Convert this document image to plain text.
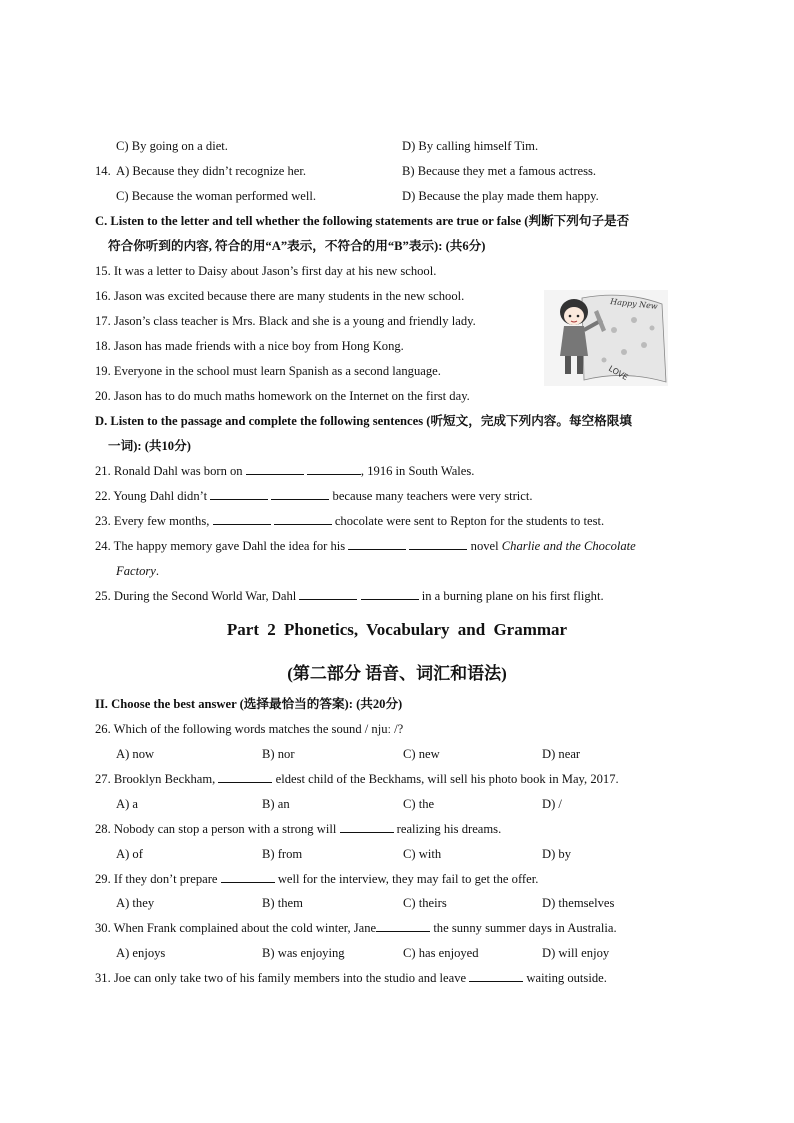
C) By going on a diet.	D) By calling himself Tim.
14. A) Because they didn’t recognize her.	B) Because they met a famous actress.
C) Because the woman performed well.	D) Because the play made them happy.
C. Listen to the letter and tell whether the following statements are true or false (判断下列句子是否
符合你听到的内容, 符合的用“A”表示，不符合的用“B”表示): (共6分)
15. It was a letter to Daisy about Jason’s first day at his new school.
16. Jason was excited because there are many students in the new school.
17. Jason’s class teacher is Mrs. Black and she is a young and friendly lady.
18. Jason has made friends with a nice boy from Hong Kong.
19. Everyone in the school must learn Spanish as a second language.
20. Jason has to do much maths homework on the Internet on the first day.
Happy New
LOVE
D. Listen to the passage and complete the following sentences (听短文，完成下列内容。每空格限填
一词): (共10分)
21. Ronald Dahl was born on	, 1916 in South Wales.
22. Young Dahl didn’t	because many teachers were very strict.
23. Every few months,	chocolate were sent to Repton for the students to test.
24. The happy memory gave Dahl the idea for his	novel Charlie and the Chocolate
Factory.
25. During the Second World War, Dahl	in a burning plane on his first flight.
Part 2 Phonetics, Vocabulary and Grammar
(第二部分 语音、词汇和语法)
II. Choose the best answer (选择最恰当的答案): (共20分)
26. Which of the following words matches the sound / njuː /?
A) now	B) nor	C) new	D) near
27. Brooklyn Beckham,	eldest child of the Beckhams, will sell his photo book in May, 2017.
A) a	B) an	C) the	D) /
28. Nobody can stop a person with a strong will	realizing his dreams.
A) of	B) from	C) with	D) by
29. If they don’t prepare	well for the interview, they may fail to get the offer.
A) they	B) them	C) theirs	D) themselves
30. When Frank complained about the cold winter, Jane	the sunny summer days in Australia.
A) enjoys	B) was enjoying	C) has enjoyed	D) will enjoy
31. Joe can only take two of his family members into the studio and leave	waiting outside.
